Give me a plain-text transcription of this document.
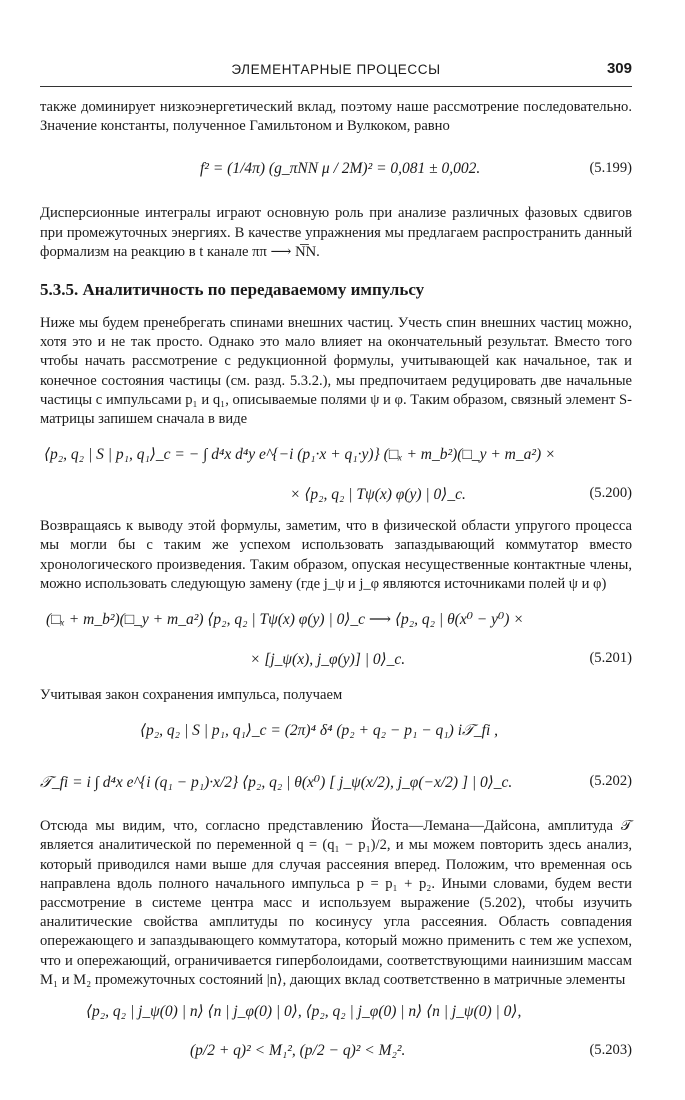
ЭЛЕМЕНТАРНЫЕ ПРОЦЕССЫ	309

также доминирует низкоэнергетический вклад, поэтому наше рассмотрение последовательно. Значение константы, полученное Гамильтоном и Вулкоком, равно

f² = (1/4π) (g_πNN μ / 2M)² = 0,081 ± 0,002.	(5.199)

Дисперсионные интегралы играют основную роль при анализе различных фазовых сдвигов при промежуточных энергиях. В качестве упражнения мы предлагаем распространить данный формализм на реакцию в t канале ππ ⟶ N͞N.

5.3.5. Аналитичность по передаваемому импульсу

Ниже мы будем пренебрегать спинами внешних частиц. Учесть спин внешних частиц можно, хотя это и не так просто. Однако это мало влияет на окончательный результат. Вместо того чтобы начать рассмотрение с редукционной формулы, учитывающей как начальное, так и конечное состояния частицы (см. разд. 5.3.2.), мы предпочитаем редуцировать две начальные частицы с импульсами p₁ и q₁, описываемые полями ψ и φ. Таким образом, связный элемент S-матрицы запишем сначала в виде

⟨p₂, q₂ | S | p₁, q₁⟩_c = − ∫ d⁴x d⁴y e^{−i (p₁·x + q₁·y)} (□ₓ + m_b²)(□_y + m_a²) ×
× ⟨p₂, q₂ | Tψ(x) φ(y) | 0⟩_c.	(5.200)

Возвращаясь к выводу этой формулы, заметим, что в физической области упругого процесса мы могли бы с таким же успехом использовать запаздывающий коммутатор вместо хронологического произведения. Таким образом, опуская несущественные контактные члены, можно использовать следующую замену (где j_ψ и j_φ являются источниками полей ψ и φ)

(□ₓ + m_b²)(□_y + m_a²) ⟨p₂, q₂ | Tψ(x) φ(y) | 0⟩_c ⟶ ⟨p₂, q₂ | θ(x⁰ − y⁰) ×
× [j_ψ(x), j_φ(y)] | 0⟩_c.	(5.201)

Учитывая закон сохранения импульса, получаем

⟨p₂, q₂ | S | p₁, q₁⟩_c = (2π)⁴ δ⁴ (p₂ + q₂ − p₁ − q₁) i𝒯_fi ,
𝒯_fi = i ∫ d⁴x e^{i (q₁ − p₁)·x/2} ⟨p₂, q₂ | θ(x⁰) [ j_ψ(x/2), j_φ(−x/2) ] | 0⟩_c.	(5.202)

Отсюда мы видим, что, согласно представлению Йоста—Лемана—Дайсона, амплитуда 𝒯 является аналитической по переменной q = (q₁ − p₁)/2, и мы можем повторить здесь анализ, который приводился нами выше для случая рассеяния вперед. Положим, что временная ось направлена вдоль полного начального импульса p = p₁ + p₂. Иными словами, будем вести рассмотрение в системе центра масс и используем выражение (5.202), чтобы изучить аналитические свойства амплитуды по косинусу угла рассеяния. Область совпадения опережающего и запаздывающего коммутатора, который можно применить с тем же успехом, что и опережающий, ограничивается гиперболоидами, соответствующими наинизшим массам M₁ и M₂ промежуточных состояний |n⟩, дающих вклад соответственно в матричные элементы

⟨p₂, q₂ | j_ψ(0) | n⟩ ⟨n | j_φ(0) | 0⟩, ⟨p₂, q₂ | j_φ(0) | n⟩ ⟨n | j_ψ(0) | 0⟩,
(p/2 + q)² < M₁², (p/2 − q)² < M₂².	(5.203)
